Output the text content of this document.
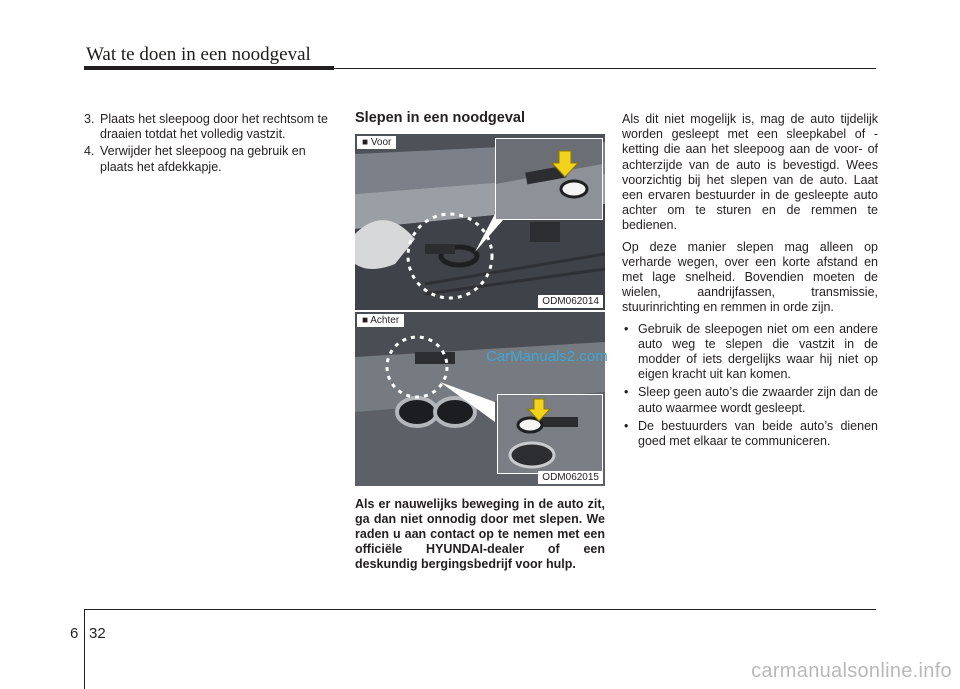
Wat te doen in een noodgeval
3. Plaats het sleepoog door het rechtsom te draaien totdat het volledig vastzit.
4. Verwijder het sleepoog na gebruik en plaats het afdekkapje.
Slepen in een noodgeval
■ Voor
ODM062014
■ Achter
ODM062015
CarManuals2.com
Als er nauwelijks beweging in de auto zit, ga dan niet onnodig door met slepen. We raden u aan contact op te nemen met een officiële HYUNDAI-dealer of een deskundig bergingsbedrijf voor hulp.

Als dit niet mogelijk is, mag de auto tijdelijk worden gesleept met een sleepkabel of -ketting die aan het sleepoog aan de voor- of achterzijde van de auto is bevestigd. Wees voorzichtig bij het slepen van de auto. Laat een ervaren bestuurder in de gesleepte auto achter om te sturen en de remmen te bedienen.

Op deze manier slepen mag alleen op verharde wegen, over een korte afstand en met lage snelheid. Bovendien moeten de wielen, aandrijfassen, transmissie, stuurinrichting en remmen in orde zijn.

• Gebruik de sleepogen niet om een andere auto weg te slepen die vastzit in de modder of iets dergelijks waar hij niet op eigen kracht uit kan komen.
• Sleep geen auto’s die zwaarder zijn dan de auto waarmee wordt gesleept.
• De bestuurders van beide auto’s dienen goed met elkaar te communiceren.
6 32
carmanualsonline.info
